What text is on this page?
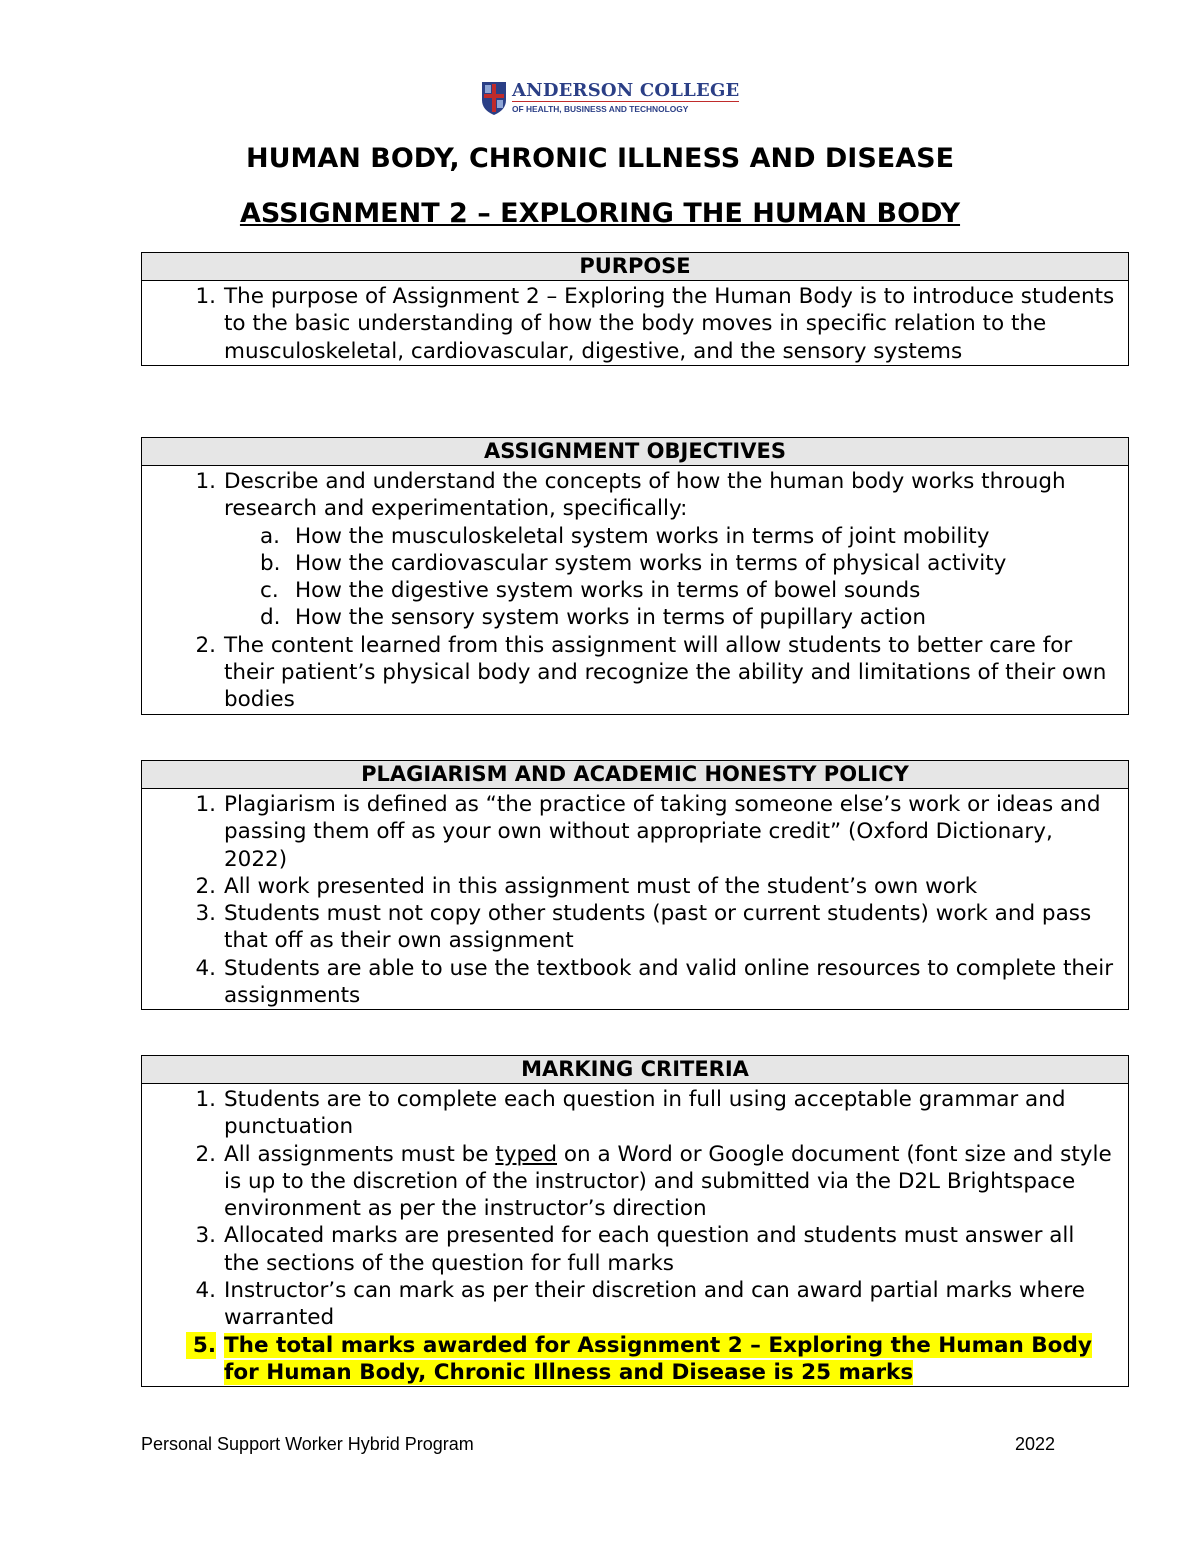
ANDERSON COLLEGE
OF HEALTH, BUSINESS AND TECHNOLOGY
HUMAN BODY, CHRONIC ILLNESS AND DISEASE
ASSIGNMENT 2 – EXPLORING THE HUMAN BODY
PURPOSE
1. The purpose of Assignment 2 – Exploring the Human Body is to introduce students to the basic understanding of how the body moves in specific relation to the musculoskeletal, cardiovascular, digestive, and the sensory systems
ASSIGNMENT OBJECTIVES
1. Describe and understand the concepts of how the human body works through research and experimentation, specifically:
a. How the musculoskeletal system works in terms of joint mobility
b. How the cardiovascular system works in terms of physical activity
c. How the digestive system works in terms of bowel sounds
d. How the sensory system works in terms of pupillary action
2. The content learned from this assignment will allow students to better care for their patient’s physical body and recognize the ability and limitations of their own bodies
PLAGIARISM AND ACADEMIC HONESTY POLICY
1. Plagiarism is defined as “the practice of taking someone else’s work or ideas and passing them off as your own without appropriate credit” (Oxford Dictionary, 2022)
2. All work presented in this assignment must of the student’s own work
3. Students must not copy other students (past or current students) work and pass that off as their own assignment
4. Students are able to use the textbook and valid online resources to complete their assignments
MARKING CRITERIA
1. Students are to complete each question in full using acceptable grammar and punctuation
2. All assignments must be typed on a Word or Google document (font size and style is up to the discretion of the instructor) and submitted via the D2L Brightspace environment as per the instructor’s direction
3. Allocated marks are presented for each question and students must answer all the sections of the question for full marks
4. Instructor’s can mark as per their discretion and can award partial marks where warranted
5. The total marks awarded for Assignment 2 – Exploring the Human Body for Human Body, Chronic Illness and Disease is 25 marks
Personal Support Worker Hybrid Program	2022
